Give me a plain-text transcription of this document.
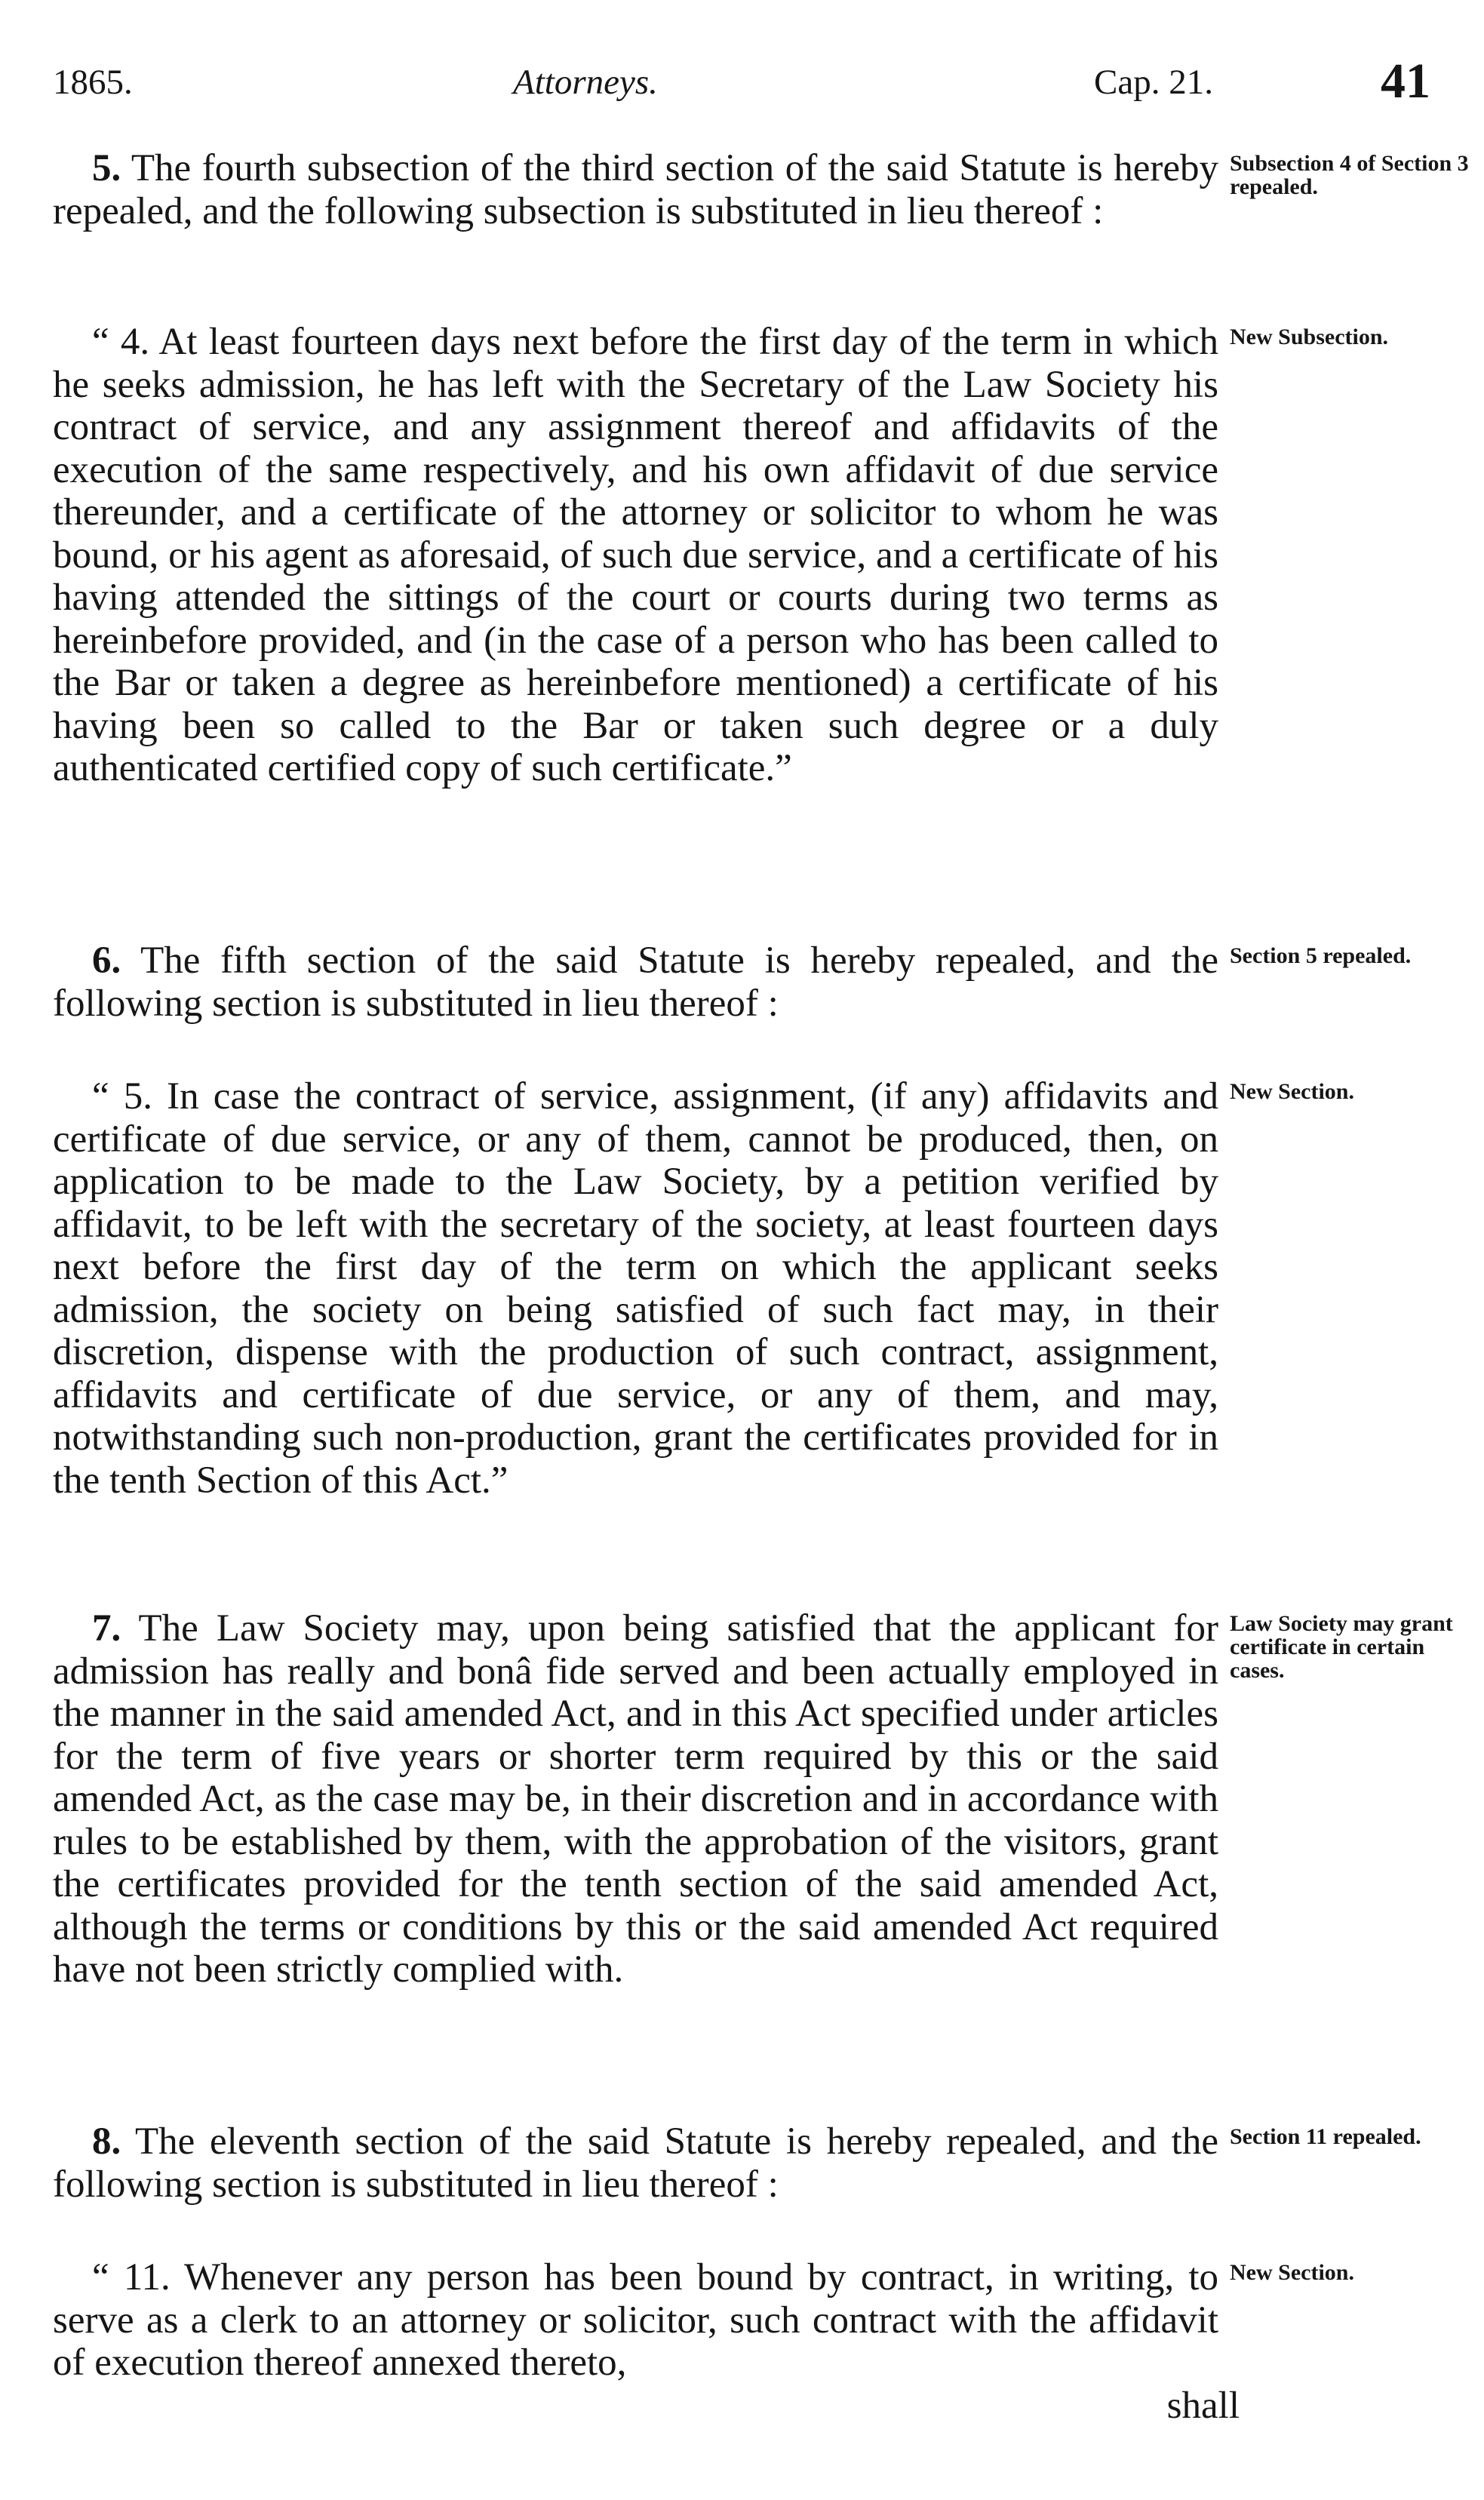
1865.	Attorneys.	Cap. 21.	41
5. The fourth subsection of the third section of the said Statute is hereby repealed, and the following subsection is substituted in lieu thereof :
Subsection 4 of Section 3 repealed.
“ 4. At least fourteen days next before the first day of the term in which he seeks admission, he has left with the Secretary of the Law Society his contract of service, and any assignment thereof and affidavits of the execution of the same respectively, and his own affidavit of due service thereunder, and a certificate of the attorney or solicitor to whom he was bound, or his agent as aforesaid, of such due service, and a certificate of his having attended the sittings of the court or courts during two terms as hereinbefore provided, and (in the case of a person who has been called to the Bar or taken a degree as hereinbefore mentioned) a certificate of his having been so called to the Bar or taken such degree or a duly authenticated certified copy of such certificate.”
New Subsection.
6. The fifth section of the said Statute is hereby repealed, and the following section is substituted in lieu thereof :
Section 5 repealed.
“ 5. In case the contract of service, assignment, (if any) affidavits and certificate of due service, or any of them, cannot be produced, then, on application to be made to the Law Society, by a petition verified by affidavit, to be left with the secretary of the society, at least fourteen days next before the first day of the term on which the applicant seeks admission, the society on being satisfied of such fact may, in their discretion, dispense with the production of such contract, assignment, affidavits and certificate of due service, or any of them, and may, notwithstanding such non-production, grant the certificates provided for in the tenth Section of this Act.”
New Section.
7. The Law Society may, upon being satisfied that the applicant for admission has really and bonâ fide served and been actually employed in the manner in the said amended Act, and in this Act specified under articles for the term of five years or shorter term required by this or the said amended Act, as the case may be, in their discretion and in accordance with rules to be established by them, with the approbation of the visitors, grant the certificates provided for the tenth section of the said amended Act, although the terms or conditions by this or the said amended Act required have not been strictly complied with.
Law Society may grant certificate in certain cases.
8. The eleventh section of the said Statute is hereby repealed, and the following section is substituted in lieu thereof :
Section 11 repealed.
“ 11. Whenever any person has been bound by contract, in writing, to serve as a clerk to an attorney or solicitor, such contract with the affidavit of execution thereof annexed thereto,
New Section.
shall
